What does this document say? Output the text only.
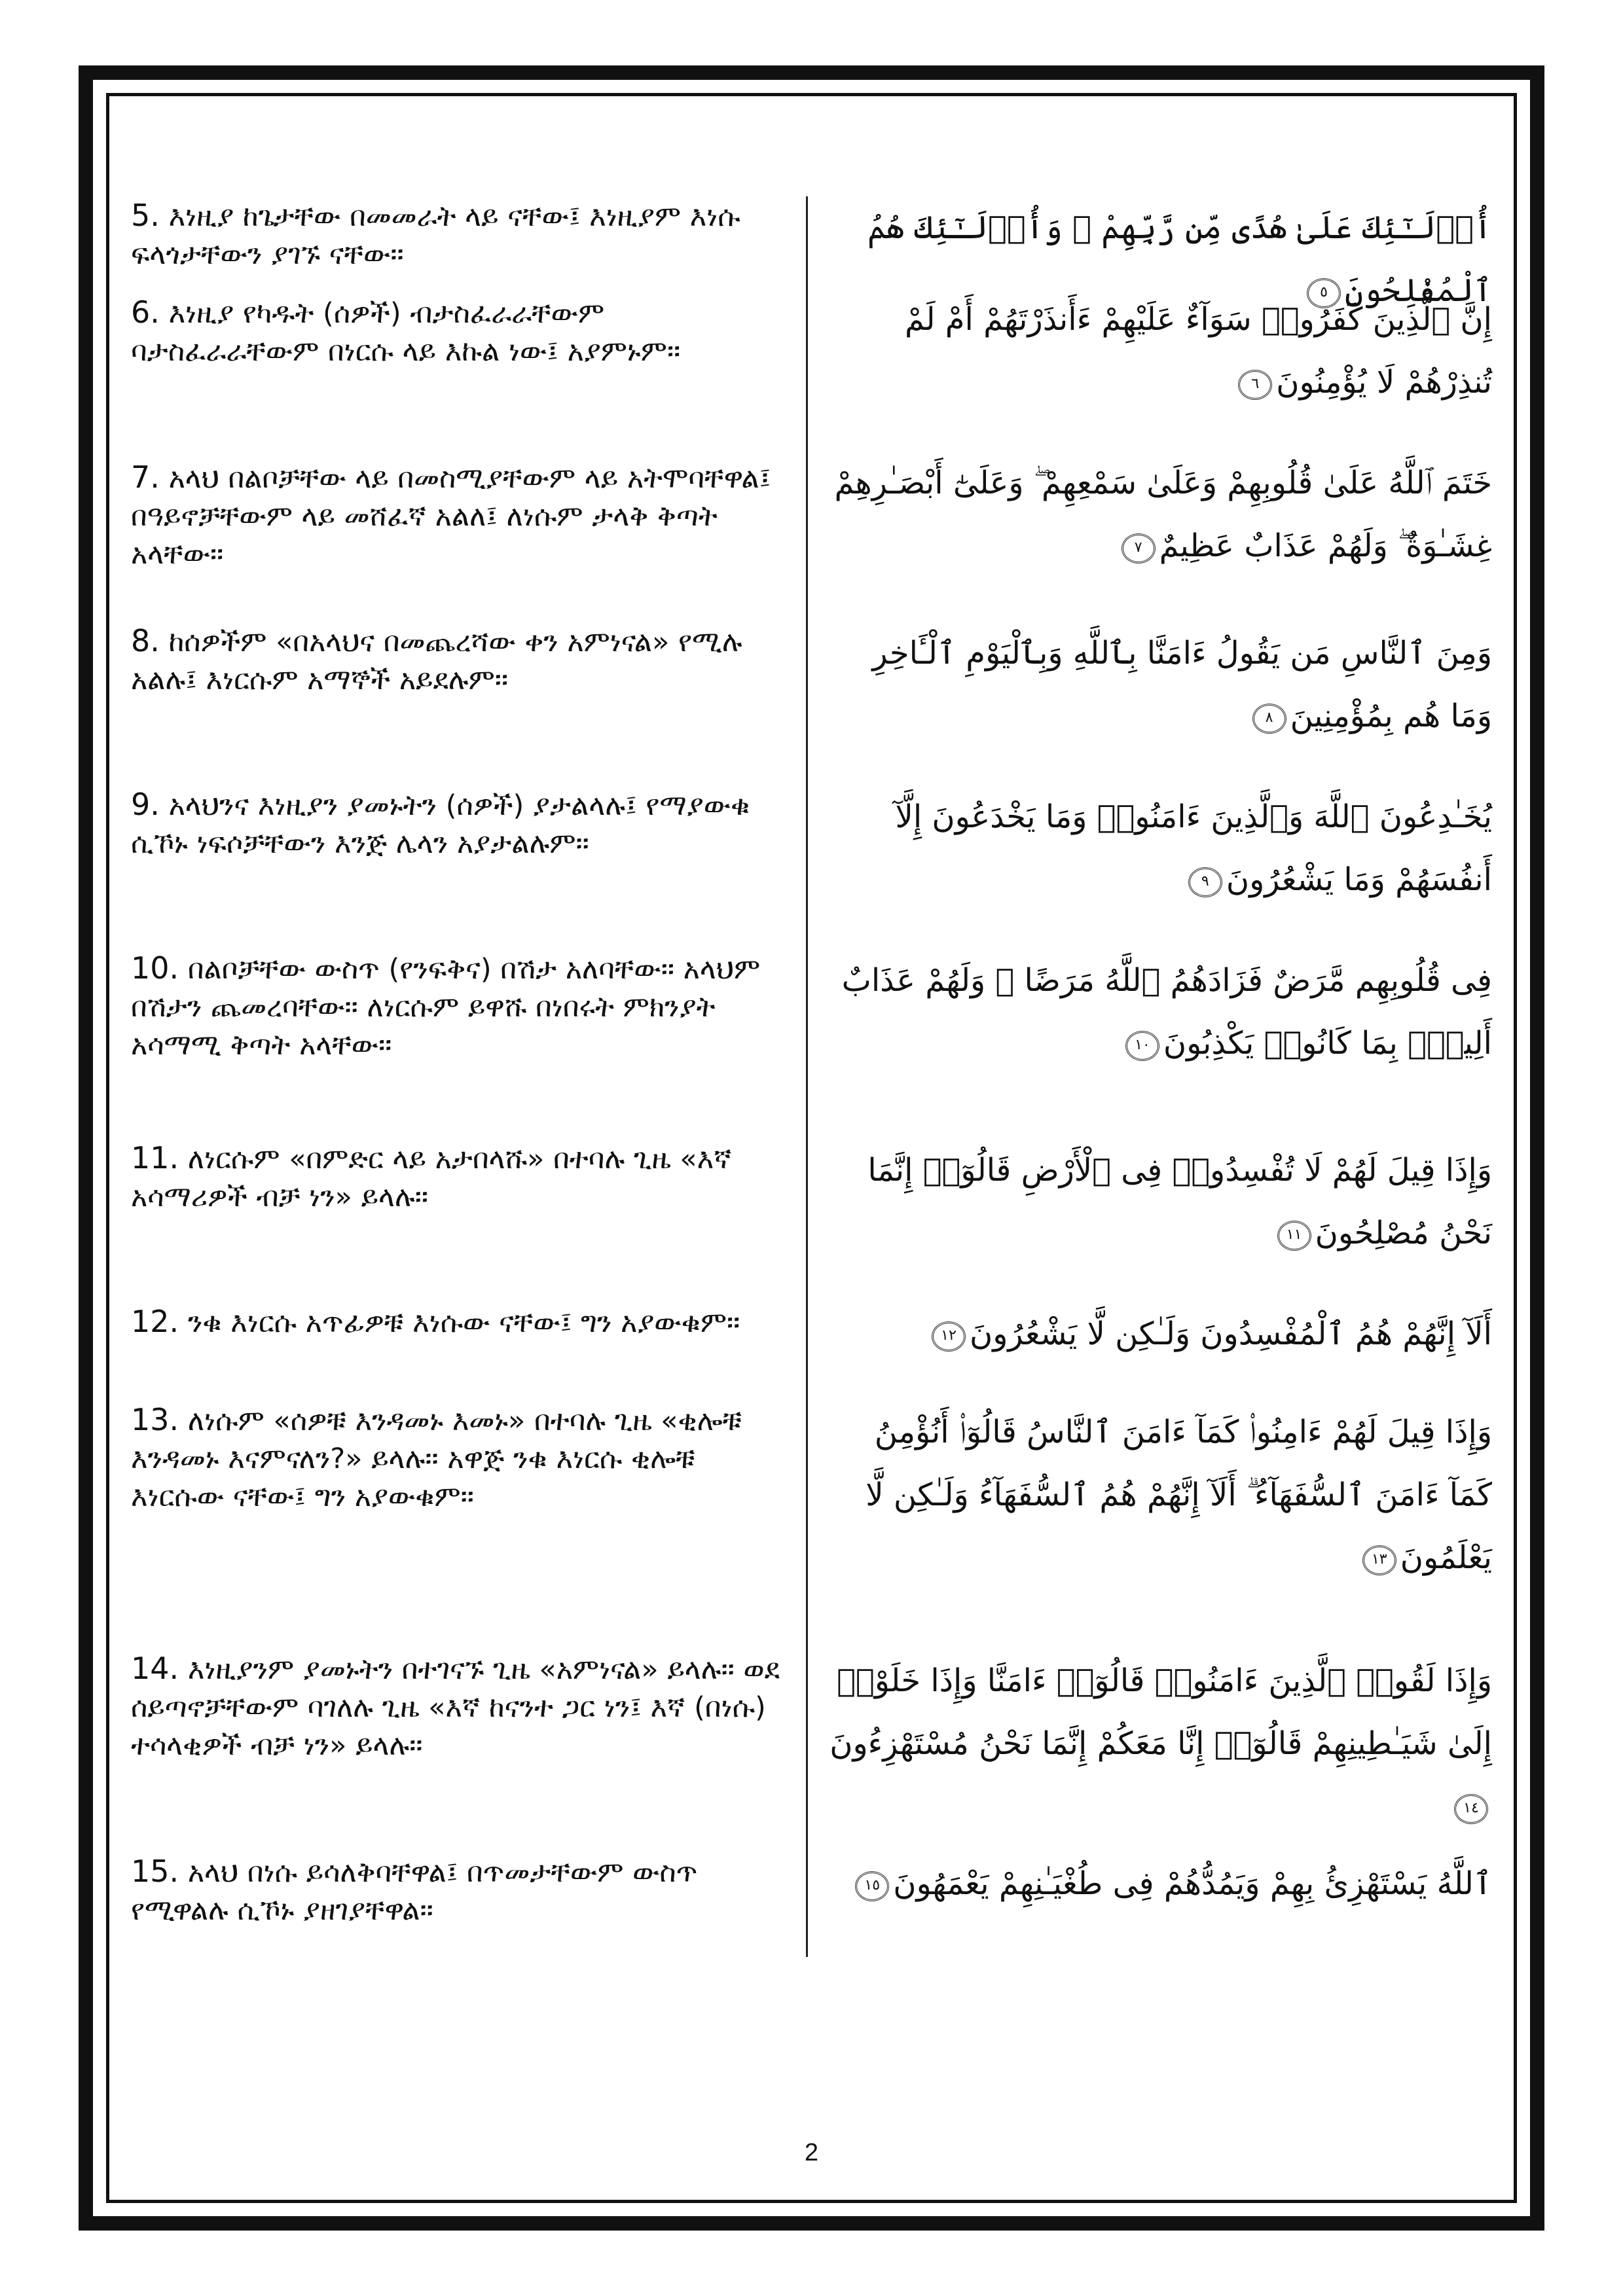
5. እነዚያ ከጌታቸው በመመራት ላይ ናቸው፤ እነዚያም እነሱ ፍላጎታቸውን ያገኙ ናቸው፡፡
أُو۟لَـٰٓئِكَ عَلَىٰ هُدًى مِّن رَّبِّهِمْ ۖ وَأُو۟لَـٰٓئِكَ هُمُ ٱلْمُفْلِحُونَ٥
6. እነዚያ የካዱት (ሰዎች) ብታስፈራራቸውም ባታስፈራራቸውም በነርሱ ላይ እኩል ነው፤ አያምኑም፡፡
إِنَّ ٱلَّذِينَ كَفَرُوا۟ سَوَآءٌ عَلَيْهِمْ ءَأَنذَرْتَهُمْ أَمْ لَمْ تُنذِرْهُمْ لَا يُؤْمِنُونَ٦
7. አላህ በልቦቻቸው ላይ በመስሚያቸውም ላይ አትሞባቸዋል፤ በዓይኖቻቸውም ላይ መሸፈኛ አልለ፤ ለነሱም ታላቅ ቅጣት አላቸው፡፡
خَتَمَ ٱللَّهُ عَلَىٰ قُلُوبِهِمْ وَعَلَىٰ سَمْعِهِمْ ۖ وَعَلَىٰٓ أَبْصَـٰرِهِمْ غِشَـٰوَةٌ ۖ وَلَهُمْ عَذَابٌ عَظِيمٌ٧
8. ከሰዎችም «በአላህና በመጨረሻው ቀን አምነናል» የሚሉ አልሉ፤ እነርሱም አማኞች አይደሉም፡፡
وَمِنَ ٱلنَّاسِ مَن يَقُولُ ءَامَنَّا بِٱللَّهِ وَبِٱلْيَوْمِ ٱلْـَٔاخِرِ وَمَا هُم بِمُؤْمِنِينَ٨
9. አላህንና እነዚያን ያመኑትን (ሰዎች) ያታልላሉ፤ የማያውቁ ሲኾኑ ነፍሶቻቸውን እንጅ ሌላን አያታልሉም፡፡
يُخَـٰدِعُونَ ٱللَّهَ وَٱلَّذِينَ ءَامَنُوا۟ وَمَا يَخْدَعُونَ إِلَّآ أَنفُسَهُمْ وَمَا يَشْعُرُونَ٩
10. በልቦቻቸው ውስጥ (የንፍቅና) በሽታ አለባቸው፡፡ አላህም በሽታን ጨመረባቸው፡፡ ለነርሱም ይዋሹ በነበሩት ምክንያት አሳማሚ ቅጣት አላቸው፡፡
فِى قُلُوبِهِم مَّرَضٌ فَزَادَهُمُ ٱللَّهُ مَرَضًا ۖ وَلَهُمْ عَذَابٌ أَلِيمٌۢ بِمَا كَانُوا۟ يَكْذِبُونَ١٠
11. ለነርሱም «በምድር ላይ አታበላሹ» በተባሉ ጊዜ «እኛ አሳማሪዎች ብቻ ነን» ይላሉ፡፡
وَإِذَا قِيلَ لَهُمْ لَا تُفْسِدُوا۟ فِى ٱلْأَرْضِ قَالُوٓا۟ إِنَّمَا نَحْنُ مُصْلِحُونَ١١
12. ንቁ እነርሱ አጥፊዎቹ እነሱው ናቸው፤ ግን አያውቁም፡፡	أَلَآ إِنَّهُمْ هُمُ ٱلْمُفْسِدُونَ وَلَـٰكِن لَّا يَشْعُرُونَ١٢
13. ለነሱም «ሰዎቹ እንዳመኑ እመኑ» በተባሉ ጊዜ «ቂሎቹ እንዳመኑ እናምናለን?» ይላሉ፡፡ አዋጅ ንቁ እነርሱ ቂሎቹ እነርሱው ናቸው፤ ግን አያውቁም፡፡
وَإِذَا قِيلَ لَهُمْ ءَامِنُوا۟ كَمَآ ءَامَنَ ٱلنَّاسُ قَالُوٓا۟ أَنُؤْمِنُ كَمَآ ءَامَنَ ٱلسُّفَهَآءُ ۗ أَلَآ إِنَّهُمْ هُمُ ٱلسُّفَهَآءُ وَلَـٰكِن لَّا يَعْلَمُونَ١٣
14. እነዚያንም ያመኑትን በተገናኙ ጊዜ «አምነናል» ይላሉ፡፡ ወደ ሰይጣኖቻቸውም ባገለሉ ጊዜ «እኛ ከናንተ ጋር ነን፤ እኛ (በነሱ) ተሳላቂዎች ብቻ ነን» ይላሉ፡፡
وَإِذَا لَقُوا۟ ٱلَّذِينَ ءَامَنُوا۟ قَالُوٓا۟ ءَامَنَّا وَإِذَا خَلَوْا۟ إِلَىٰ شَيَـٰطِينِهِمْ قَالُوٓا۟ إِنَّا مَعَكُمْ إِنَّمَا نَحْنُ مُسْتَهْزِءُونَ١٤
15. አላህ በነሱ ይሳለቅባቸዋል፤ በጥመታቸውም ውስጥ የሚዋልሉ ሲኾኑ ያዘገያቸዋል፡፡
ٱللَّهُ يَسْتَهْزِئُ بِهِمْ وَيَمُدُّهُمْ فِى طُغْيَـٰنِهِمْ يَعْمَهُونَ١٥
2
